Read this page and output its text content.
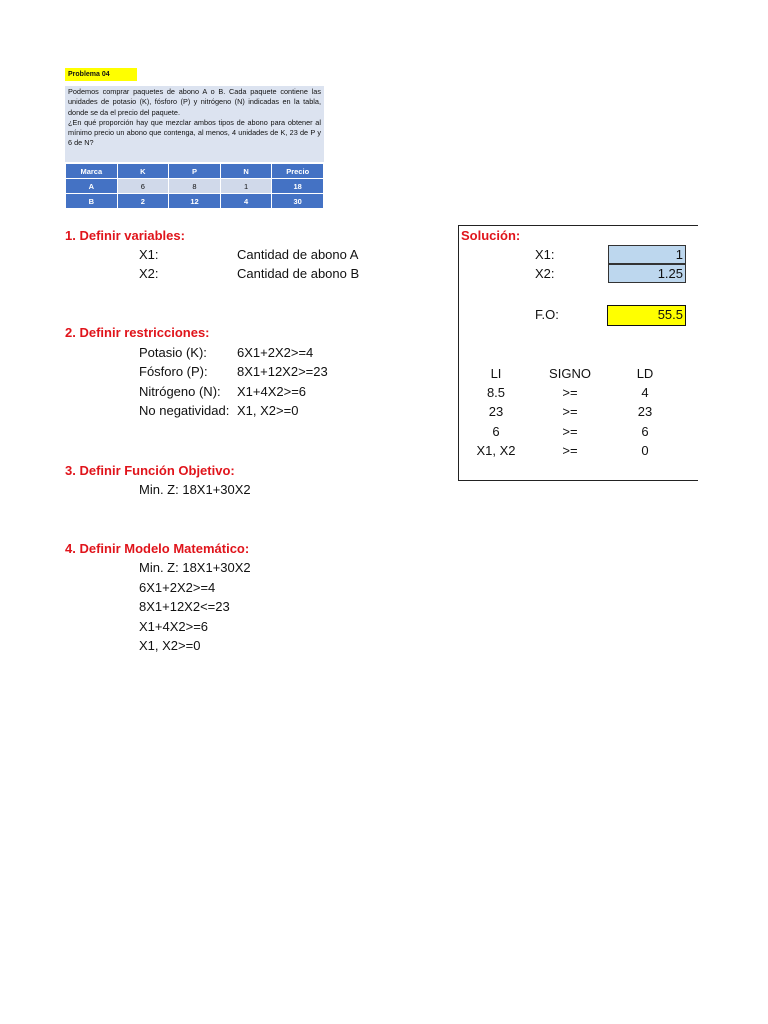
Problema 04

Podemos comprar paquetes de abono A o B. Cada paquete contiene las unidades de potasio (K), fósforo (P) y nitrógeno (N) indicadas en la tabla, donde se da el precio del paquete.

¿En qué proporción hay que mezclar ambos tipos de abono para obtener al mínimo precio un abono que contenga, al menos, 4 unidades de K, 23 de P y 6 de N?

Marca	K	P	N	Precio
A	6	8	1	18
B	2	12	4	30
1. Definir variables:
X1:	Cantidad de abono A
X2:	Cantidad de abono B
2. Definir restricciones:
Potasio (K): 6X1+2X2>=4
Fósforo (P): 8X1+12X2>=23
Nitrógeno (N): X1+4X2>=6
No negatividad: X1, X2>=0
3. Definir Función Objetivo:
Min. Z: 18X1+30X2
4. Definir Modelo Matemático:
Min. Z: 18X1+30X2
6X1+2X2>=4
8X1+12X2<=23
X1+4X2>=6
X1, X2>=0
Solución:
X1:	1
X2:	1.25
F.O:	55.5
LI	SIGNO	LD
8.5	>=	4
23	>=	23
6	>=	6
X1, X2	>=	0
